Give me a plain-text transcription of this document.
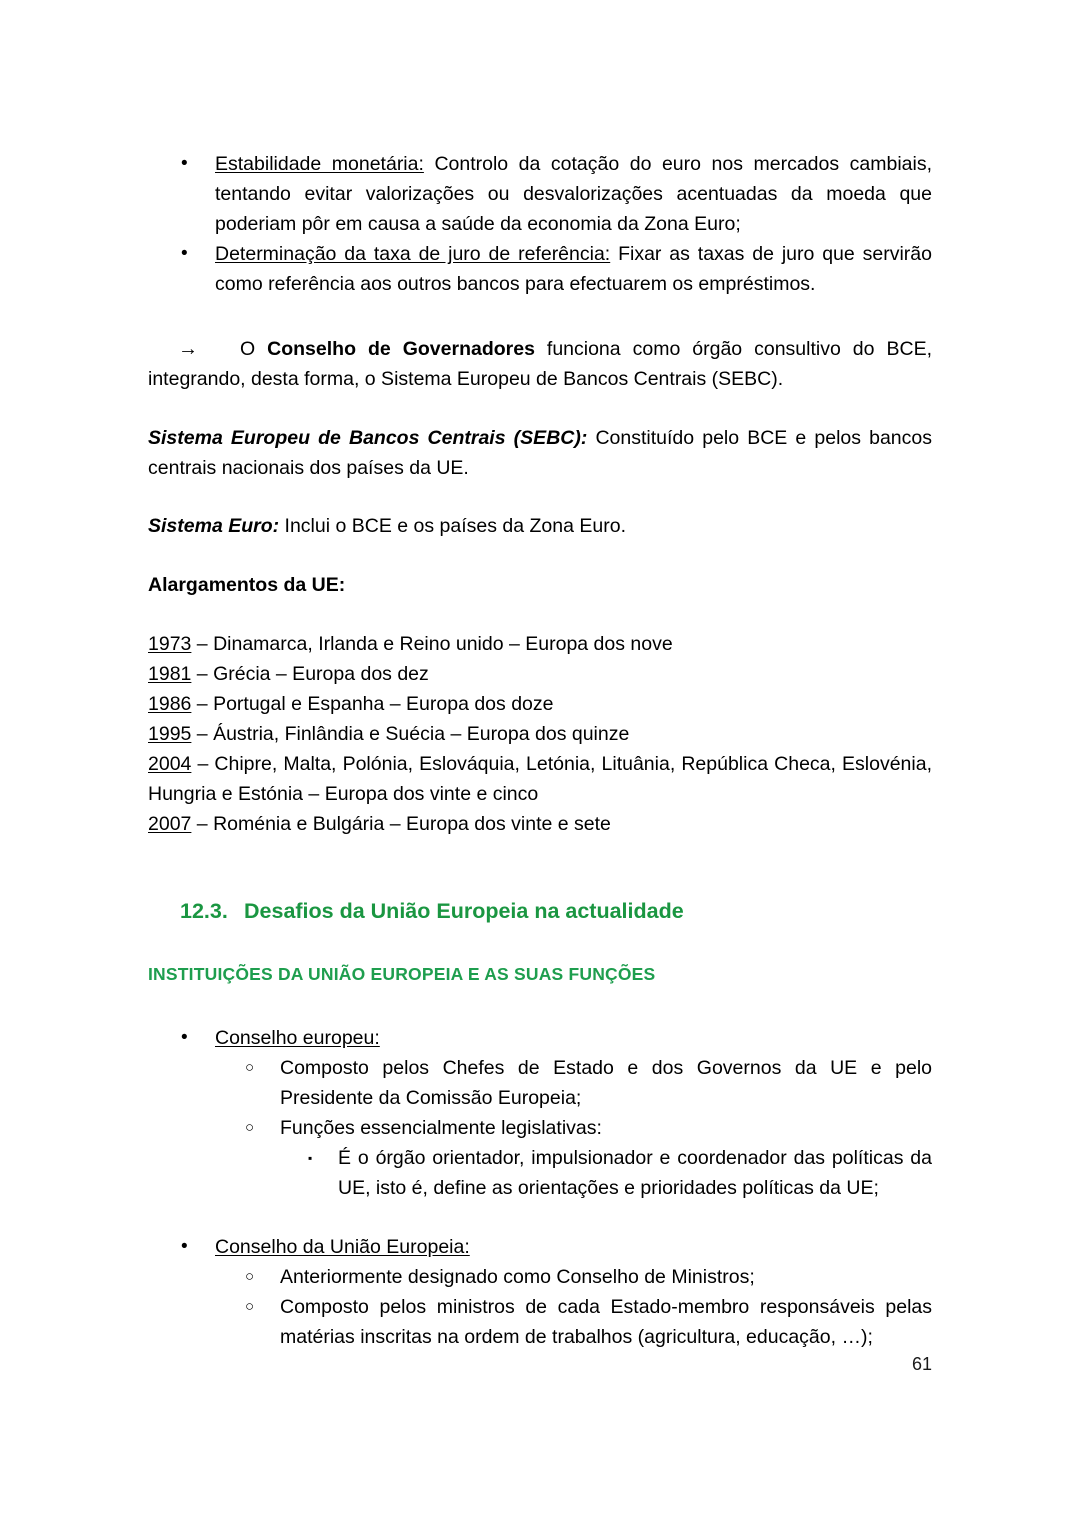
•	Estabilidade monetária: Controlo da cotação do euro nos mercados cambiais, tentando evitar valorizações ou desvalorizações acentuadas da moeda que poderiam pôr em causa a saúde da economia da Zona Euro;
•	Determinação da taxa de juro de referência: Fixar as taxas de juro que servirão como referência aos outros bancos para efectuarem os empréstimos.

→ O Conselho de Governadores funciona como órgão consultivo do BCE, integrando, desta forma, o Sistema Europeu de Bancos Centrais (SEBC).

Sistema Europeu de Bancos Centrais (SEBC): Constituído pelo BCE e pelos bancos centrais nacionais dos países da UE.

Sistema Euro: Inclui o BCE e os países da Zona Euro.

Alargamentos da UE:

1973 – Dinamarca, Irlanda e Reino unido – Europa dos nove
1981 – Grécia – Europa dos dez
1986 – Portugal e Espanha – Europa dos doze
1995 – Áustria, Finlândia e Suécia – Europa dos quinze
2004 – Chipre, Malta, Polónia, Eslováquia, Letónia, Lituânia, República Checa, Eslovénia, Hungria e Estónia – Europa dos vinte e cinco
2007 – Roménia e Bulgária – Europa dos vinte e sete

12.3. Desafios da União Europeia na actualidade

INSTITUIÇÕES DA UNIÃO EUROPEIA E AS SUAS FUNÇÕES

•	Conselho europeu:
○	Composto pelos Chefes de Estado e dos Governos da UE e pelo Presidente da Comissão Europeia;
○	Funções essencialmente legislativas:
▪	É o órgão orientador, impulsionador e coordenador das políticas da UE, isto é, define as orientações e prioridades políticas da UE;
•	Conselho da União Europeia:
○	Anteriormente designado como Conselho de Ministros;
○	Composto pelos ministros de cada Estado-membro responsáveis pelas matérias inscritas na ordem de trabalhos (agricultura, educação, …);
61
